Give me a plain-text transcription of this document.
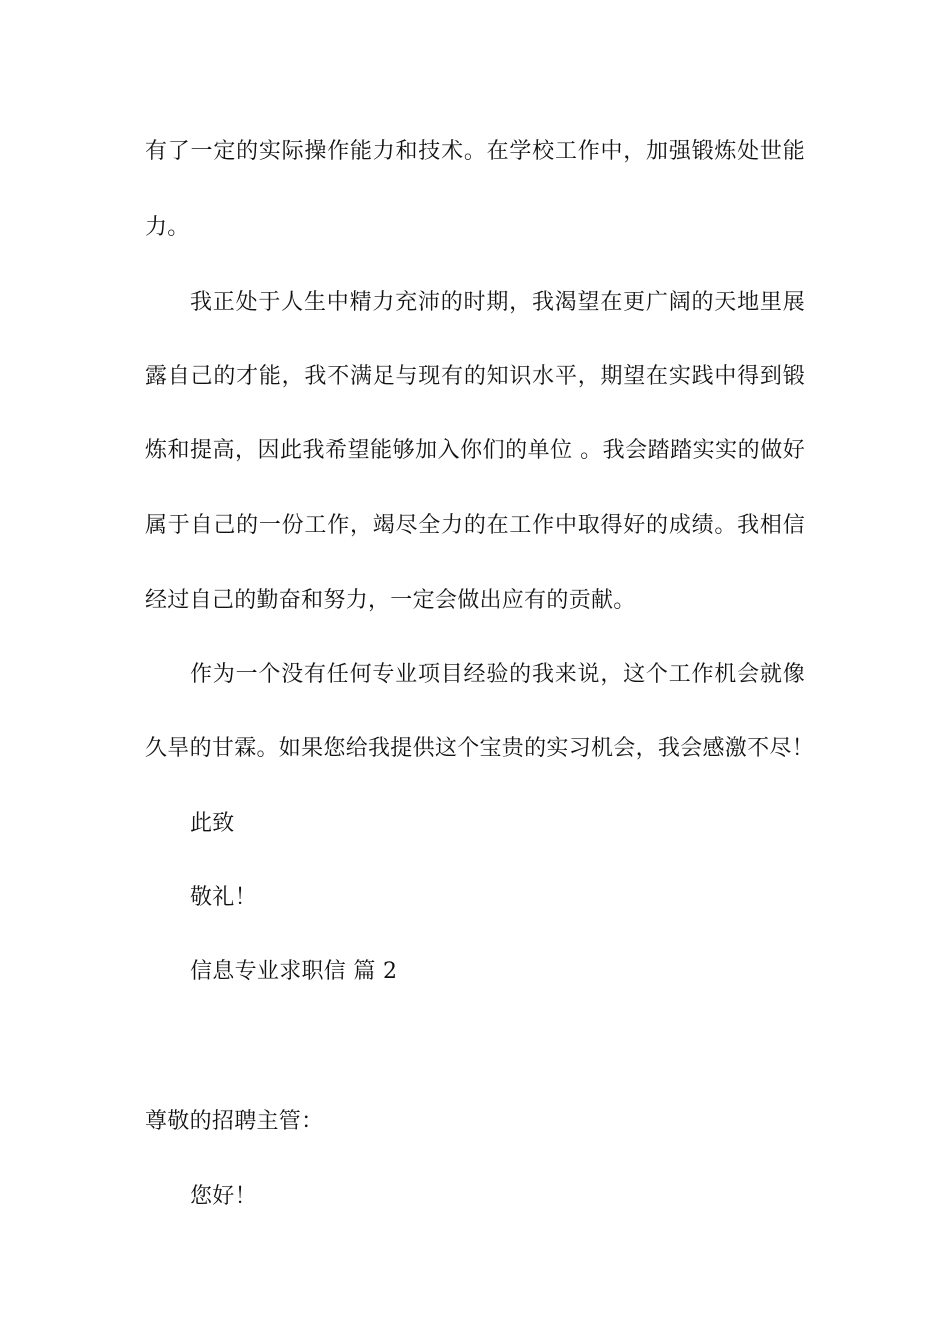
有了一定的实际操作能力和技术。在学校工作中，加强锻炼处世能
力。
我正处于人生中精力充沛的时期，我渴望在更广阔的天地里展
露自己的才能，我不满足与现有的知识水平，期望在实践中得到锻
炼和提高，因此我希望能够加入你们的单位 。我会踏踏实实的做好
属于自己的一份工作，竭尽全力的在工作中取得好的成绩。我相信
经过自己的勤奋和努力，一定会做出应有的贡献。
作为一个没有任何专业项目经验的我来说，这个工作机会就像
久旱的甘霖。如果您给我提供这个宝贵的实习机会，我会感激不尽！
此致
敬礼！
信息专业求职信 篇 2
尊敬的招聘主管：
您好！
